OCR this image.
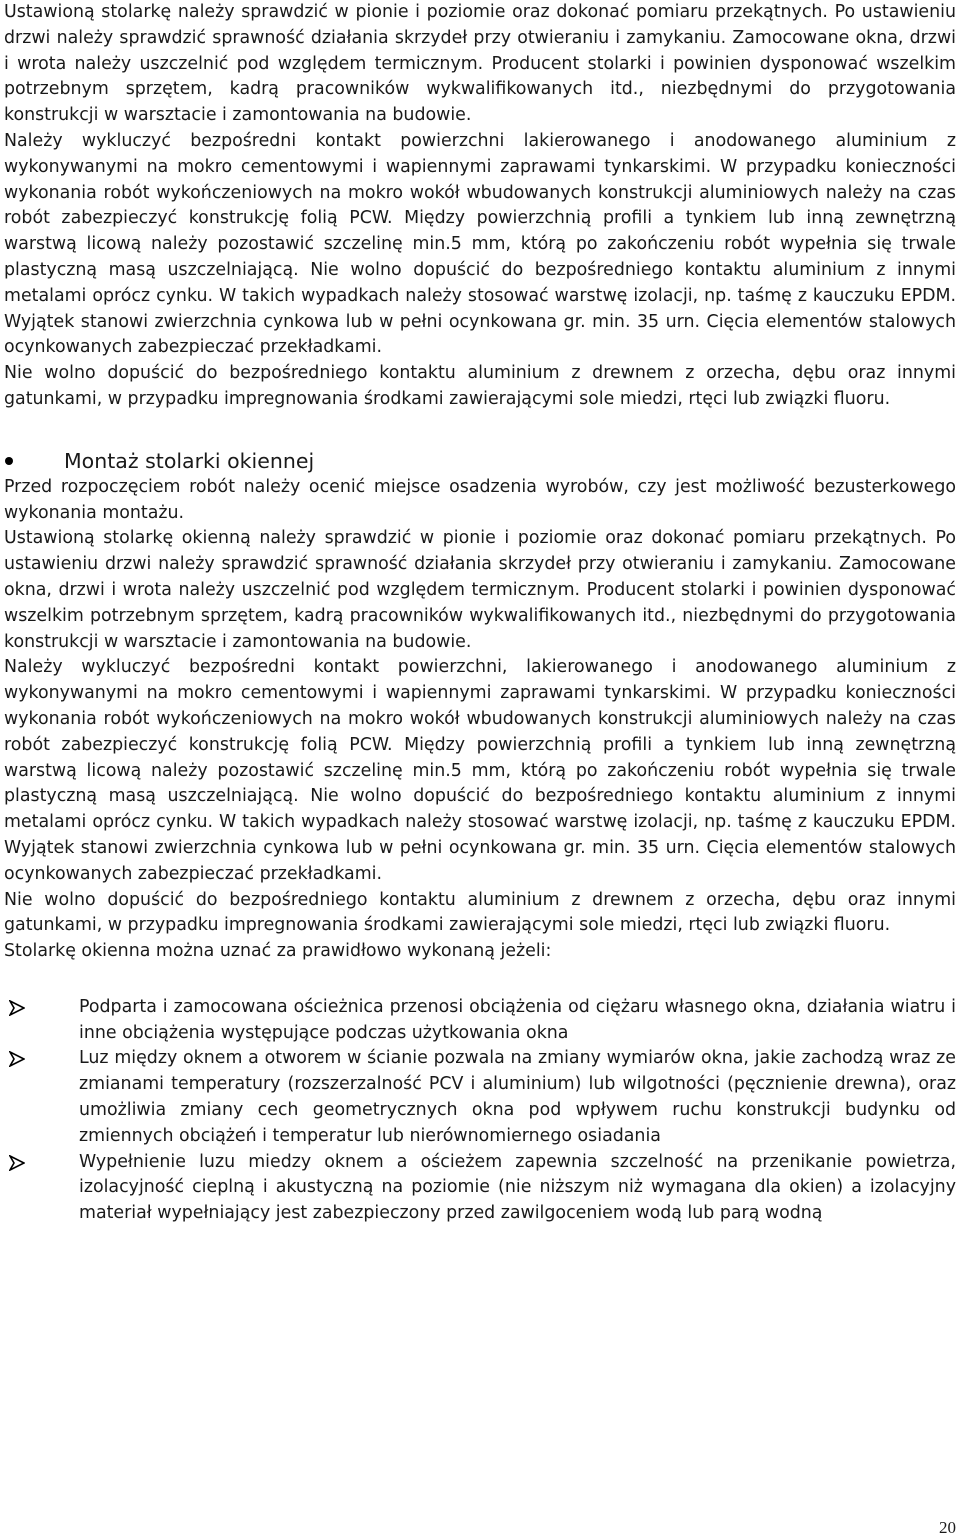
Ustawioną stolarkę należy sprawdzić w pionie i poziomie oraz dokonać pomiaru przekątnych. Po ustawieniu drzwi należy sprawdzić sprawność działania skrzydeł przy otwieraniu i zamykaniu. Zamocowane okna, drzwi i wrota należy uszczelnić pod względem termicznym. Producent stolarki i powinien dysponować wszelkim potrzebnym sprzętem, kadrą pracowników wykwalifikowanych itd., niezbędnymi do przygotowania konstrukcji w warsztacie i zamontowania na budowie.

Należy wykluczyć bezpośredni kontakt powierzchni lakierowanego i anodowanego aluminium z wykonywanymi na mokro cementowymi i wapiennymi zaprawami tynkarskimi. W przypadku konieczności wykonania robót wykończeniowych na mokro wokół wbudowanych konstrukcji aluminiowych należy na czas robót zabezpieczyć konstrukcję folią PCW. Między powierzchnią profili a tynkiem lub inną zewnętrzną warstwą licową należy pozostawić szczelinę min.5 mm, którą po zakończeniu robót wypełnia się trwale plastyczną masą uszczelniającą. Nie wolno dopuścić do bezpośredniego kontaktu aluminium z innymi metalami oprócz cynku. W takich wypadkach należy stosować warstwę izolacji, np. taśmę z kauczuku EPDM. Wyjątek stanowi zwierzchnia cynkowa lub w pełni ocynkowana gr. min. 35 urn. Cięcia elementów stalowych ocynkowanych zabezpieczać przekładkami.

Nie wolno dopuścić do bezpośredniego kontaktu aluminium z drewnem z orzecha, dębu oraz innymi gatunkami, w przypadku impregnowania środkami zawierającymi sole miedzi, rtęci lub związki fluoru.

Montaż stolarki okiennej

Przed rozpoczęciem robót należy ocenić miejsce osadzenia wyrobów, czy jest możliwość bezusterkowego wykonania montażu.

Ustawioną stolarkę okienną należy sprawdzić w pionie i poziomie oraz dokonać pomiaru przekątnych. Po ustawieniu drzwi należy sprawdzić sprawność działania skrzydeł przy otwieraniu i zamykaniu. Zamocowane okna, drzwi i wrota należy uszczelnić pod względem termicznym. Producent stolarki i powinien dysponować wszelkim potrzebnym sprzętem, kadrą pracowników wykwalifikowanych itd., niezbędnymi do przygotowania konstrukcji w warsztacie i zamontowania na budowie.

Należy wykluczyć bezpośredni kontakt powierzchni, lakierowanego i anodowanego aluminium z wykonywanymi na mokro cementowymi i wapiennymi zaprawami tynkarskimi. W przypadku konieczności wykonania robót wykończeniowych na mokro wokół wbudowanych konstrukcji aluminiowych należy na czas robót zabezpieczyć konstrukcję folią PCW. Między powierzchnią profili a tynkiem lub inną zewnętrzną warstwą licową należy pozostawić szczelinę min.5 mm, którą po zakończeniu robót wypełnia się trwale plastyczną masą uszczelniającą. Nie wolno dopuścić do bezpośredniego kontaktu aluminium z innymi metalami oprócz cynku. W takich wypadkach należy stosować warstwę izolacji, np. taśmę z kauczuku EPDM. Wyjątek stanowi zwierzchnia cynkowa lub w pełni ocynkowana gr. min. 35 urn. Cięcia elementów stalowych ocynkowanych zabezpieczać przekładkami.

Nie wolno dopuścić do bezpośredniego kontaktu aluminium z drewnem z orzecha, dębu oraz innymi gatunkami, w przypadku impregnowania środkami zawierającymi sole miedzi, rtęci lub związki fluoru.

Stolarkę okienna można uznać za prawidłowo wykonaną jeżeli:

Podparta i zamocowana ościeżnica przenosi obciążenia od ciężaru własnego okna, działania wiatru i inne obciążenia występujące podczas użytkowania okna
Luz między oknem a otworem w ścianie pozwala na zmiany wymiarów okna, jakie zachodzą wraz ze zmianami temperatury (rozszerzalność PCV i aluminium) lub wilgotności (pęcznienie drewna), oraz umożliwia zmiany cech geometrycznych okna pod wpływem ruchu konstrukcji budynku od zmiennych obciążeń i temperatur lub nierównomiernego osiadania
Wypełnienie luzu miedzy oknem a ościeżem zapewnia szczelność na przenikanie powietrza, izolacyjność cieplną i akustyczną na poziomie (nie niższym niż wymagana dla okien) a izolacyjny materiał wypełniający jest zabezpieczony przed zawilgoceniem wodą lub parą wodną
20
